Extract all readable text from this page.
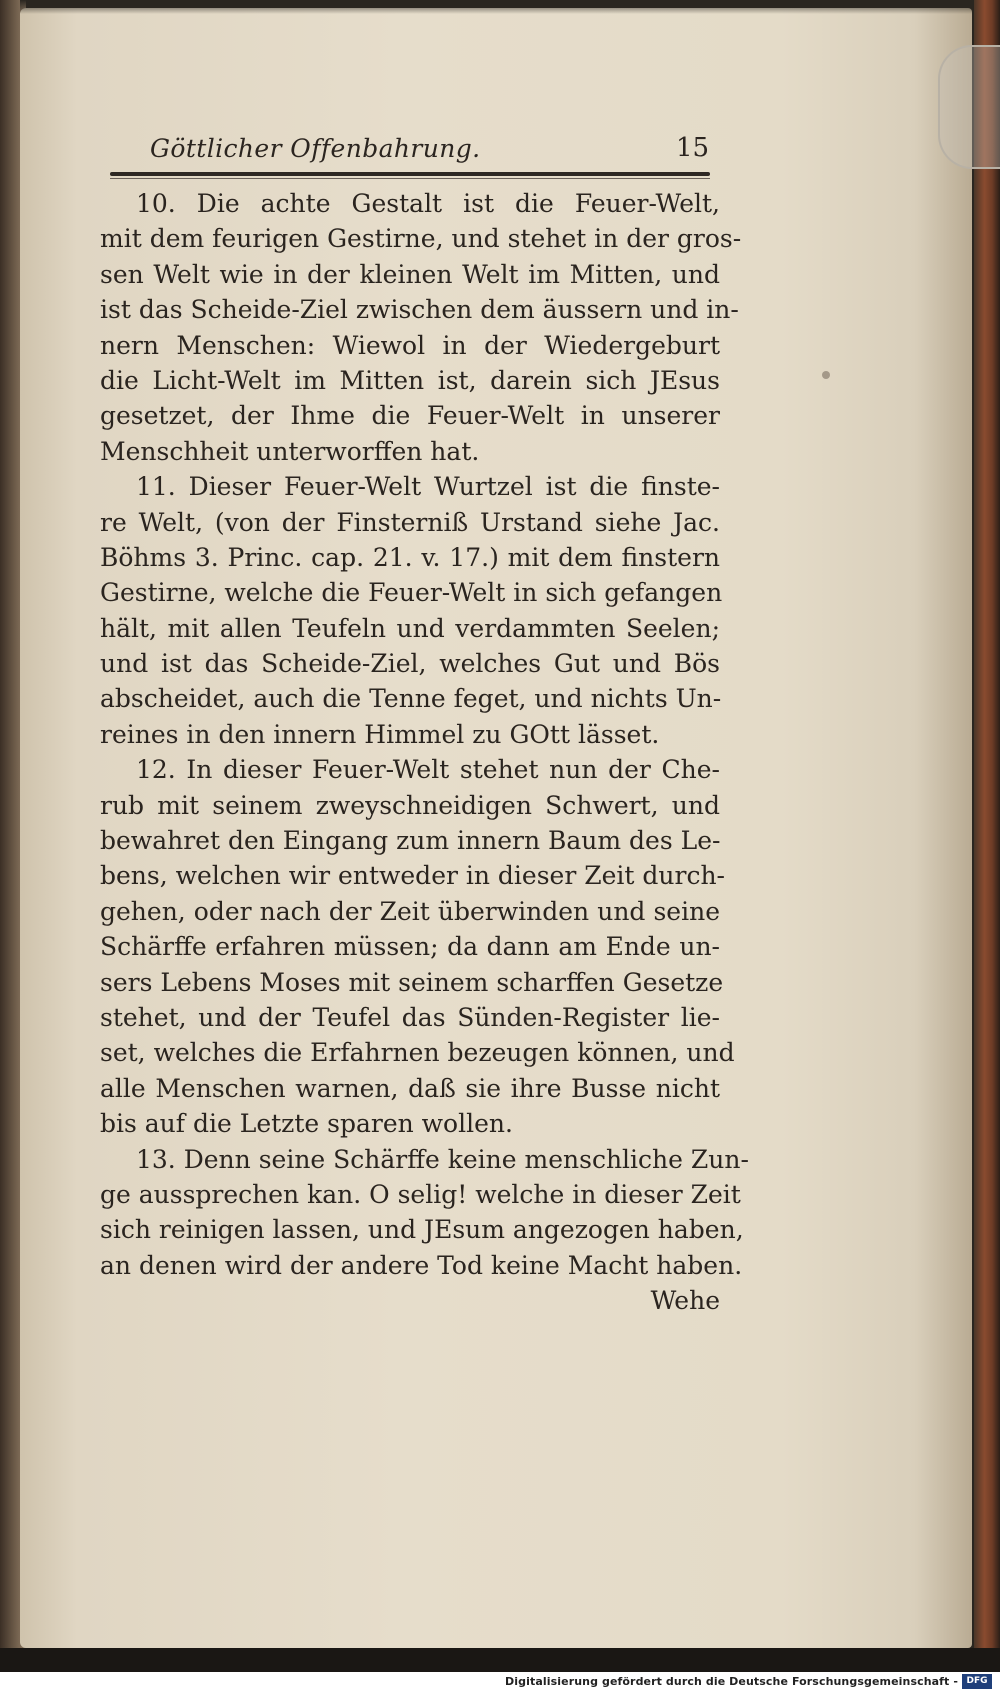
Göttlicher Offenbahrung.	15
10. Die achte Gestalt ist die Feuer-Welt,
mit dem feurigen Gestirne, und stehet in der gros-
sen Welt wie in der kleinen Welt im Mitten, und
ist das Scheide-Ziel zwischen dem äussern und in-
nern Menschen: Wiewol in der Wiedergeburt
die Licht-Welt im Mitten ist, darein sich JEsus
gesetzet, der Ihme die Feuer-Welt in unserer
Menschheit unterworffen hat.
11. Dieser Feuer-Welt Wurtzel ist die finste-
re Welt, (von der Finsterniß Urstand siehe Jac.
Böhms 3. Princ. cap. 21. v. 17.) mit dem finstern
Gestirne, welche die Feuer-Welt in sich gefangen
hält, mit allen Teufeln und verdammten Seelen;
und ist das Scheide-Ziel, welches Gut und Bös
abscheidet, auch die Tenne feget, und nichts Un-
reines in den innern Himmel zu GOtt lässet.
12. In dieser Feuer-Welt stehet nun der Che-
rub mit seinem zweyschneidigen Schwert, und
bewahret den Eingang zum innern Baum des Le-
bens, welchen wir entweder in dieser Zeit durch-
gehen, oder nach der Zeit überwinden und seine
Schärffe erfahren müssen; da dann am Ende un-
sers Lebens Moses mit seinem scharffen Gesetze
stehet, und der Teufel das Sünden-Register lie-
set, welches die Erfahrnen bezeugen können, und
alle Menschen warnen, daß sie ihre Busse nicht
bis auf die Letzte sparen wollen.
13. Denn seine Schärffe keine menschliche Zun-
ge aussprechen kan. O selig! welche in dieser Zeit
sich reinigen lassen, und JEsum angezogen haben,
an denen wird der andere Tod keine Macht haben.
Wehe
Digitalisierung gefördert durch die Deutsche Forschungsgemeinschaft - DFG
